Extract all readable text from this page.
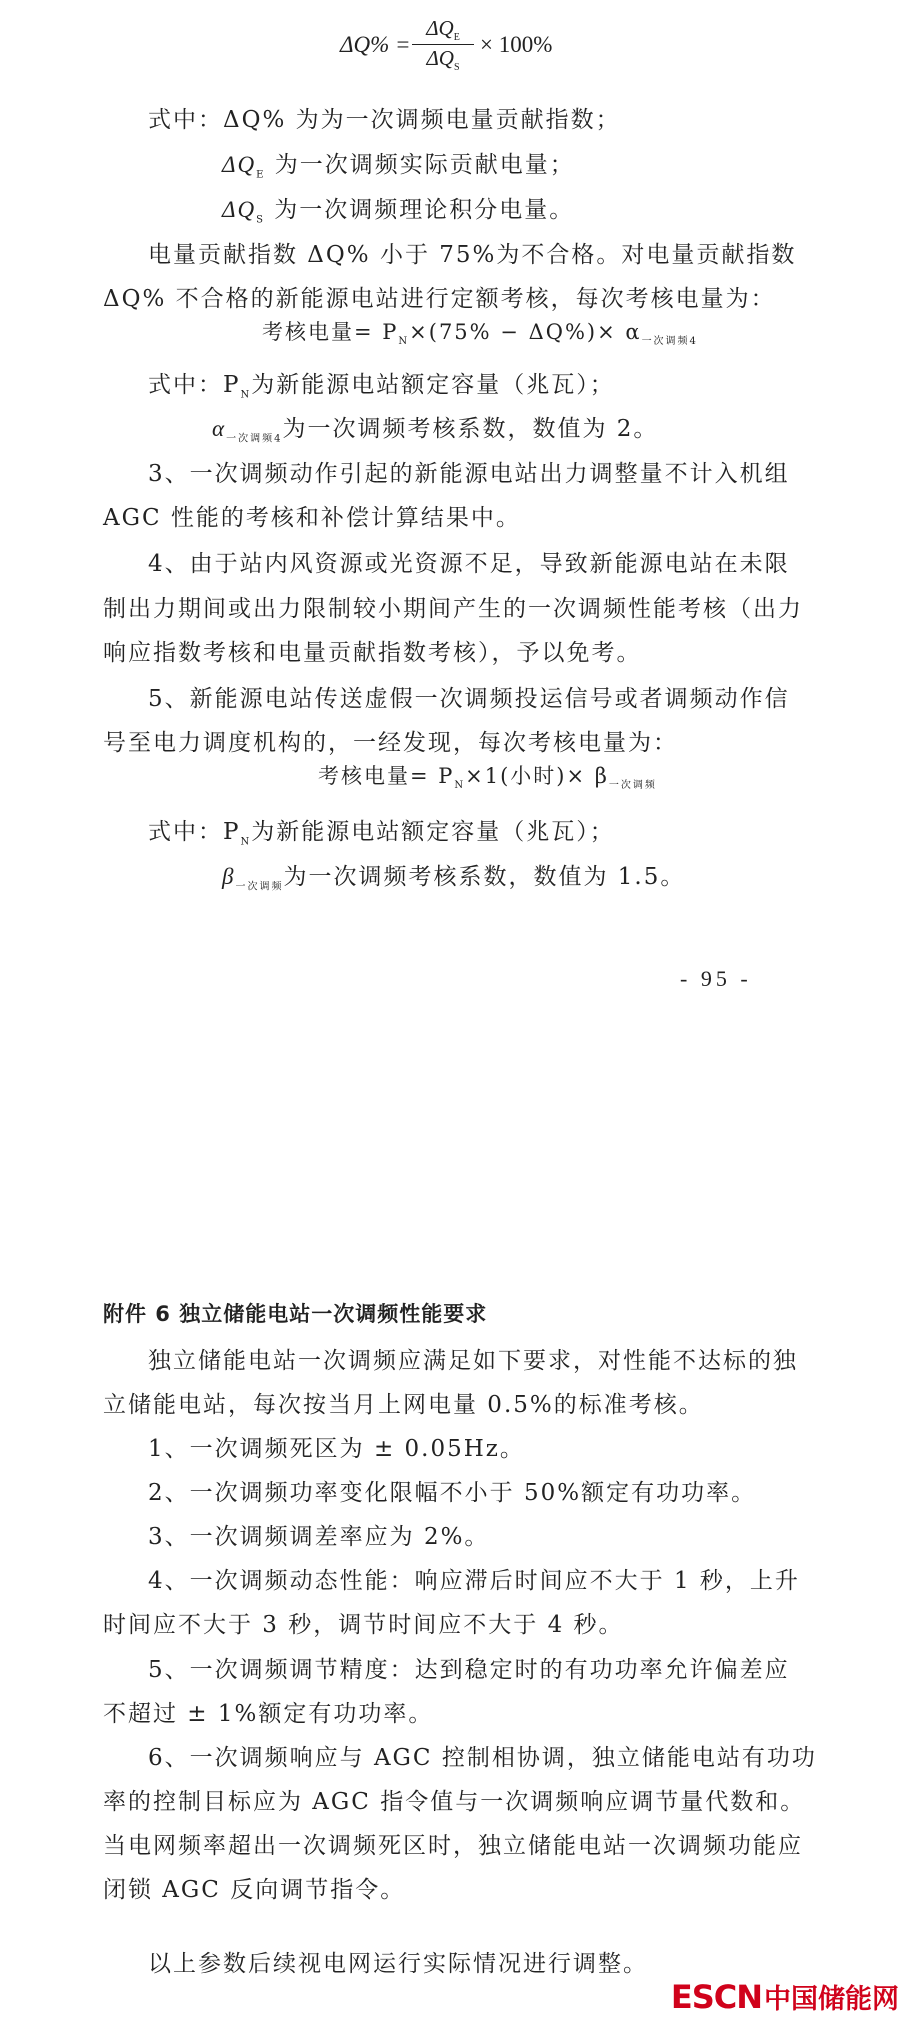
ΔQ% =
$\Delta Q_E$
$\Delta Q_S$
× 100%
式中：ΔQ% 为为一次调频电量贡献指数；
$\Delta Q_E$ 为一次调频实际贡献电量；
$\Delta Q_S$ 为一次调频理论积分电量。
电量贡献指数 ΔQ% 小于 75%为不合格。对电量贡献指数
ΔQ% 不合格的新能源电站进行定额考核，每次考核电量为：
考核电量= $P_N\times(75\% - \Delta Q\%)\times \alpha_{一次调频4}$
式中：$P_N$为新能源电站额定容量（兆瓦）；
$\alpha_{一次调频4}$为一次调频考核系数，数值为 2。
3、一次调频动作引起的新能源电站出力调整量不计入机组
AGC 性能的考核和补偿计算结果中。
4、由于站内风资源或光资源不足，导致新能源电站在未限
制出力期间或出力限制较小期间产生的一次调频性能考核（出力
响应指数考核和电量贡献指数考核），予以免考。
5、新能源电站传送虚假一次调频投运信号或者调频动作信
号至电力调度机构的，一经发现，每次考核电量为：
考核电量= $P_N\times 1$(小时)× $\beta_{一次调频}$
式中：$P_N$为新能源电站额定容量（兆瓦）；
$\beta_{一次调频}$为一次调频考核系数，数值为 1.5。
- 95 -
附件 6 独立储能电站一次调频性能要求
独立储能电站一次调频应满足如下要求，对性能不达标的独
立储能电站，每次按当月上网电量 0.5%的标准考核。
1、一次调频死区为 ± 0.05Hz。
2、一次调频功率变化限幅不小于 50%额定有功功率。
3、一次调频调差率应为 2%。
4、一次调频动态性能：响应滞后时间应不大于 1 秒，上升
时间应不大于 3 秒，调节时间应不大于 4 秒。
5、一次调频调节精度：达到稳定时的有功功率允许偏差应
不超过 ± 1%额定有功功率。
6、一次调频响应与 AGC 控制相协调，独立储能电站有功功
率的控制目标应为 AGC 指令值与一次调频响应调节量代数和。
当电网频率超出一次调频死区时，独立储能电站一次调频功能应
闭锁 AGC 反向调节指令。
以上参数后续视电网运行实际情况进行调整。
ESCN 中国储能网
